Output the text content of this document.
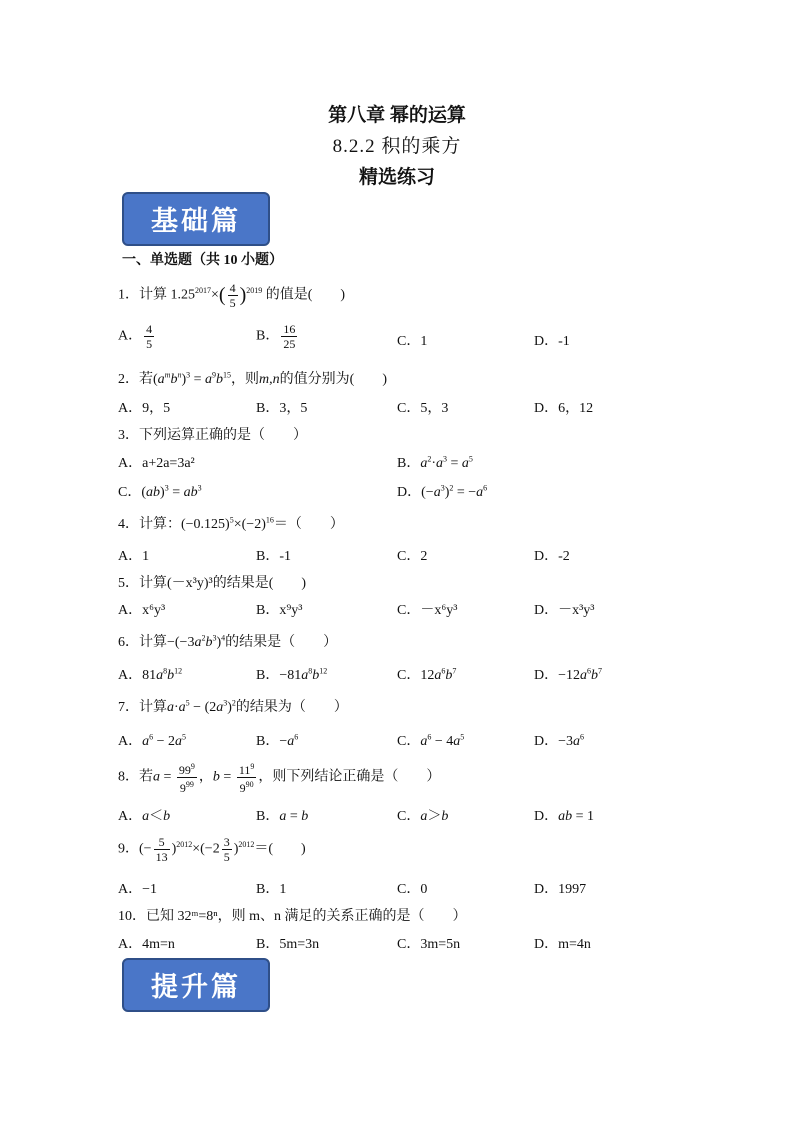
第八章 幂的运算
8.2.2 积的乘方
精选练习
基础篇
一、单选题（共 10 小题）
1．计算 $1.25^{2017}\times( \frac{4}{5} )^{2019}$ 的值是(　　)
A． $\frac{4}{5}$	B． $\frac{16}{25}$	C．1	D．-1
2．若$(a^mb^n)^3 = a^9b^{15}$，则m,n的值分别为(　　)
A．9，5	B．3，5	C．5，3	D．6，12
3．下列运算正确的是（　　）
A．a+2a=3a²	B．$a^2\cdot a^3 = a^5$
C．$(ab)^3 = ab^3$	D．$(-a^3)^2 = -a^6$
4．计算：$(-0.125)^5\times(-2)^{16}=$（　　）
A．1	B．-1	C．2	D．-2
5．计算(－x³y)³的结果是(　　)
A．x⁶y³	B．x⁹y³	C．－x⁶y³	D．－x³y³
6．计算$-(-3a^2b^3)^4$的结果是（　　）
A．$81a^8b^{12}$	B．$-81a^8b^{12}$	C．$12a^6b^7$	D．$-12a^6b^7$
7．计算$a\cdot a^5 - (2a^3)^2$的结果为（　　）
A．$a^6 - 2a^5$	B．$-a^6$	C．$a^6 - 4a^5$	D．$-3a^6$
8．若$a = \frac{99^9}{9^{99}}$ ，$b = \frac{11^9}{9^{90}}$ ，则下列结论正确是（　　）
A．a＜b	B．a = b	C．a＞b	D．ab = 1
9．(− $\frac{5}{13} )^{2012}\times(-2 \frac{3}{5} )^{2012}=$(　　)
A．−1	B．1	C．0	D．1997
10．已知 32ᵐ=8ⁿ，则 m、n 满足的关系正确的是（　　）
A．4m=n	B．5m=3n	C．3m=5n	D．m=4n
提升篇
